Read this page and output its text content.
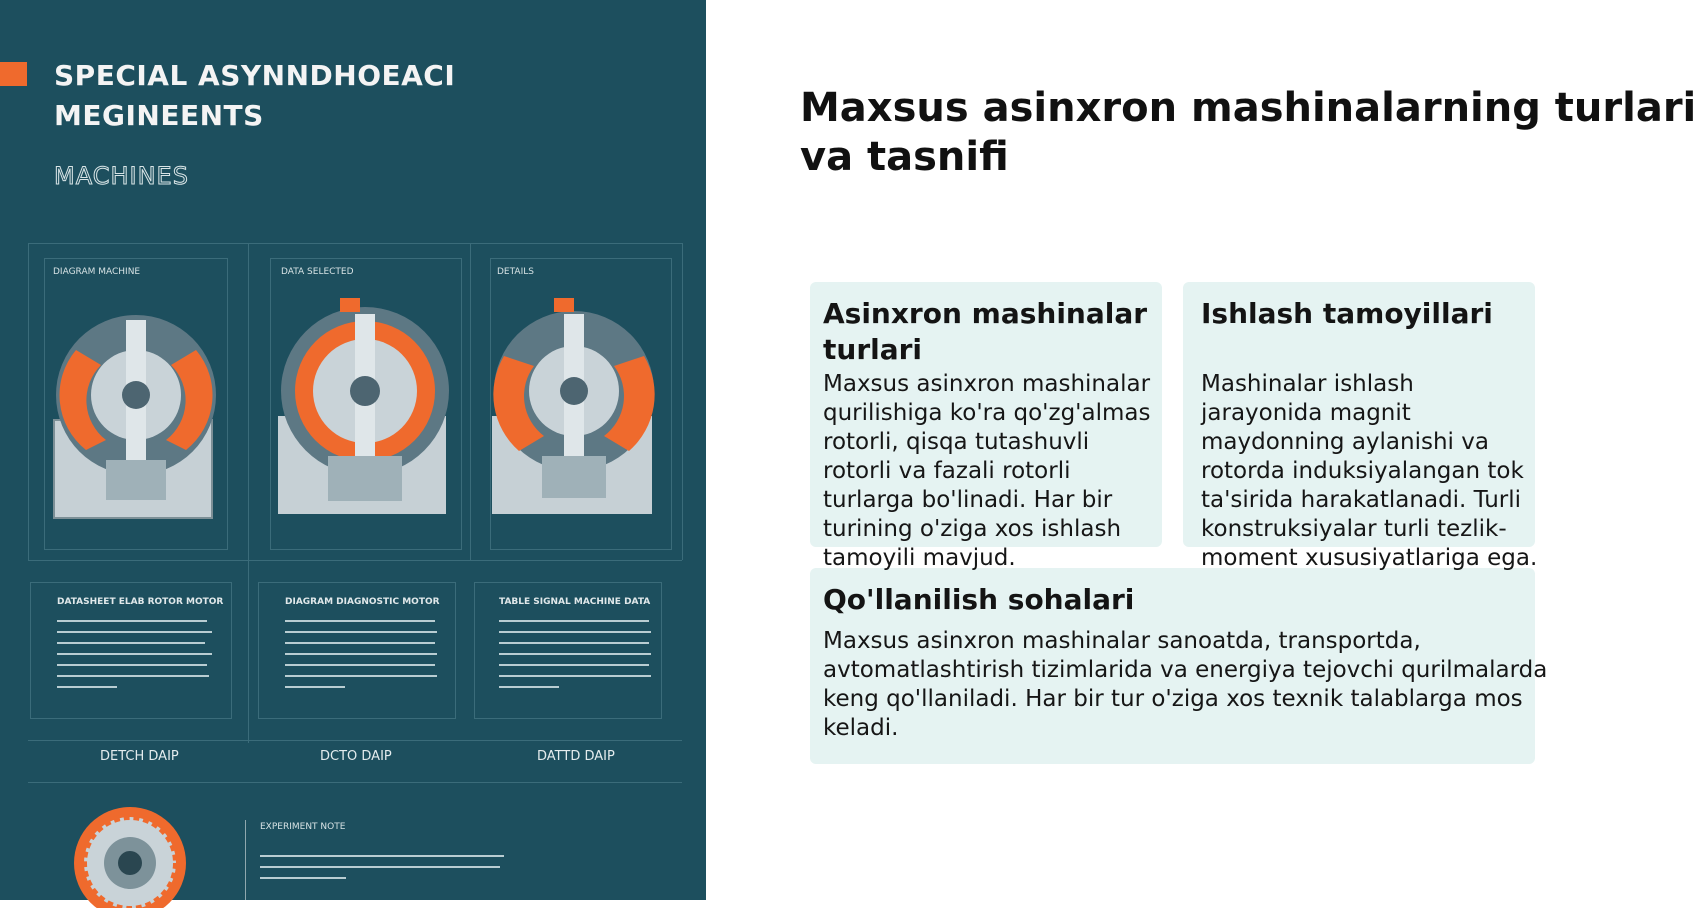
SPECIAL ASYNNDHOEACI
MEGINEENTS
MACHINES
DIAGRAM MACHINE	DATA SELECTED	DETAILS
DATASHEET ELAB ROTOR MOTOR	DIAGRAM DIAGNOSTIC MOTOR	TABLE SIGNAL MACHINE DATA
DETCH DAIP	DCTO DAIP	DATTD DAIP
EXPERIMENT NOTE
Maxsus asinxron mashinalarning turlari
va tasnifi
Asinxron mashinalar
turlari

Maxsus asinxron mashinalar
qurilishiga ko'ra qo'zg'almas
rotorli, qisqa tutashuvli
rotorli va fazali rotorli
turlarga bo'linadi. Har bir
turining o'ziga xos ishlash
tamoyili mavjud.

Ishlash tamoyillari

Mashinalar ishlash
jarayonida magnit
maydonning aylanishi va
rotorda induksiyalangan tok
ta'sirida harakatlanadi. Turli
konstruksiyalar turli tezlik-
moment xususiyatlariga ega.

Qo'llanilish sohalari

Maxsus asinxron mashinalar sanoatda, transportda,
avtomatlashtirish tizimlarida va energiya tejovchi qurilmalarda
keng qo'llaniladi. Har bir tur o'ziga xos texnik talablarga mos
keladi.
